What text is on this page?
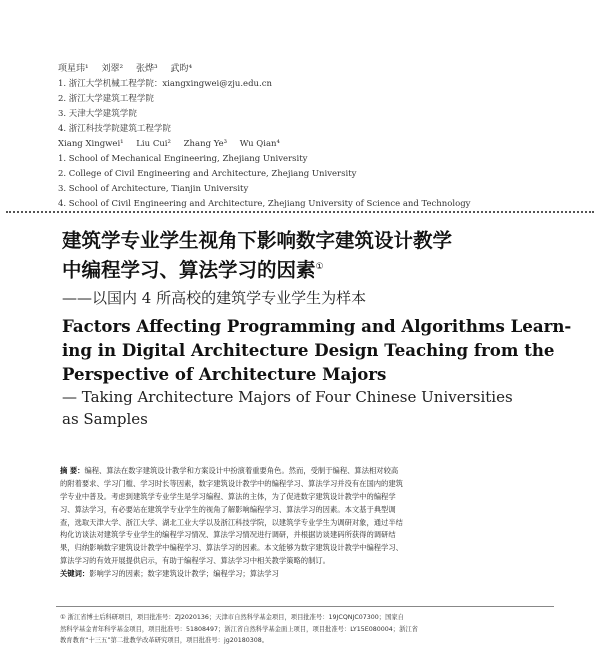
项星玮¹ 刘翠² 张烨³ 武昀⁴
1. 浙江大学机械工程学院：xiangxingwei@zju.edu.cn
2. 浙江大学建筑工程学院
3. 天津大学建筑学院
4. 浙江科技学院建筑工程学院
Xiang Xingwei¹ Liu Cui² Zhang Ye³ Wu Qian⁴
1. School of Mechanical Engineering, Zhejiang University
2. College of Civil Engineering and Architecture, Zhejiang University
3. School of Architecture, Tianjin University
4. School of Civil Engineering and Architecture, Zhejiang University of Science and Technology
建筑学专业学生视角下影响数字建筑设计教学
中编程学习、算法学习的因素①
——以国内 4 所高校的建筑学专业学生为样本
Factors Affecting Programming and Algorithms Learn-
ing in Digital Architecture Design Teaching from the
Perspective of Architecture Majors
— Taking Architecture Majors of Four Chinese Universities
as Samples
摘 要：编程、算法在数字建筑设计教学和方案设计中扮演着重要角色。然而，受制于编程、算法相对较高
的附着要求、学习门槛、学习时长等因素，数字建筑设计教学中的编程学习、算法学习并没有在国内的建筑
学专业中普及。考虑到建筑学专业学生是学习编程、算法的主体，为了促进数字建筑设计教学中的编程学
习、算法学习，有必要站在建筑学专业学生的视角了解影响编程学习、算法学习的因素。本文基于典型调
查，选取天津大学、浙江大学、湖北工业大学以及浙江科技学院，以建筑学专业学生为调研对象，通过半结
构化访谈法对建筑学专业学生的编程学习情况、算法学习情况进行调研，并根据访谈建码所获得的调研结
果，归纳影响数字建筑设计教学中编程学习、算法学习的因素。本文能够为数字建筑设计教学中编程学习、
算法学习的有效开展提供启示，有助于编程学习、算法学习中相关教学策略的制订。
关键词：影响学习的因素；数字建筑设计教学；编程学习；算法学习
① 浙江省博士后科研项目，项目批准号：ZJ2020136；天津市自然科学基金项目，项目批准号：19JCQNJC07300；国家自
然科学基金青年科学基金项目，项目批准号：51808497；浙江省自然科学基金面上项目，项目批准号：LY15E080004；浙江省
教育教育“十三五”第二批教学改革研究项目，项目批准号：jg20180308。
